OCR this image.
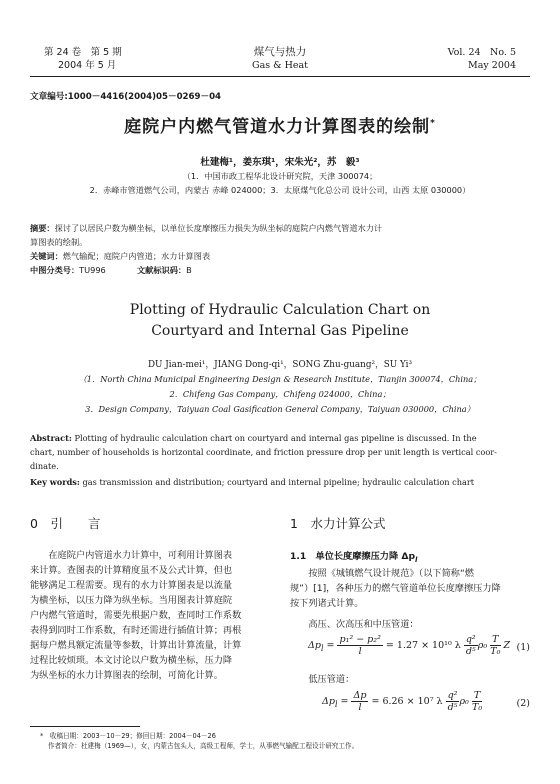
第 24 卷　第 5 期
2004 年 5 月
煤气与热力
Gas & Heat
Vol. 24　No. 5
May 2004
文章编号:1000－4416(2004)05－0269－04
庭院户内燃气管道水力计算图表的绘制*
杜建梅¹，姜东琪¹，宋朱光²，苏　毅³
（1．中国市政工程华北设计研究院，天津 300074；
2．赤峰市管道燃气公司，内蒙古 赤峰 024000；3．太原煤气化总公司 设计公司，山西 太原 030000）
摘要：探讨了以居民户数为横坐标，以单位长度摩擦压力损失为纵坐标的庭院户内燃气管道水力计
算图表的绘制。
关键词：燃气输配；庭院户内管道；水力计算图表
中图分类号：TU996	文献标识码：B
Plotting of Hydraulic Calculation Chart on
Courtyard and Internal Gas Pipeline
DU Jian-mei¹，JIANG Dong-qi¹，SONG Zhu-guang²，SU Yi³
（1．North China Municipal Engineering Design & Research Institute，Tianjin 300074，China；
2．Chifeng Gas Company，Chifeng 024000，China；
3．Design Company，Taiyuan Coal Gasification General Company，Taiyuan 030000，China）
Abstract: Plotting of hydraulic calculation chart on courtyard and internal gas pipeline is discussed. In the
chart, number of households is horizontal coordinate, and friction pressure drop per unit length is vertical coor-
dinate.
Key words: gas transmission and distribution; courtyard and internal pipeline; hydraulic calculation chart
0　引　　言
　　在庭院户内管道水力计算中，可利用计算图表
来计算。查图表的计算精度虽不及公式计算，但也
能够满足工程需要。现有的水力计算图表是以流量
为横坐标，以压力降为纵坐标。当用图表计算庭院
户内燃气管道时，需要先根据户数，查同时工作系数
表得到同时工作系数，有时还需进行插值计算；再根
据每户燃具额定流量等参数，计算出计算流量，计算
过程比较烦琐。本文讨论以户数为横坐标，压力降
为纵坐标的水力计算图表的绘制，可简化计算。
1　水力计算公式
1.1　单位长度摩擦压力降 $\Delta p_l$
　　按照《城镇燃气设计规范》（以下简称“燃
规”）[1]，各种压力的燃气管道单位长度摩擦压力降
按下列诸式计算。
　　高压、次高压和中压管道：
$\Delta p_l = \frac{\text{p₁² − p₂²}}{l} = 1.27 \times 10^{10}$ λ $\frac{\text{q²}}{\text{d⁵}} \rho_0 \frac{T}{\text{T₀}}$ Z (1)
　　低压管道：
$\Delta p_l = \frac{\Delta p}{l} = 6.26 \times 10^7$ λ $\frac{\text{q²}}{\text{d⁵}} \rho_0 \frac{T}{\text{T₀}}$	(2)
*　收稿日期：2003－10－29；修回日期：2004－04－26
作者简介：杜建梅（1969—），女，内蒙古包头人，高级工程师，学士，从事燃气输配工程设计研究工作。
